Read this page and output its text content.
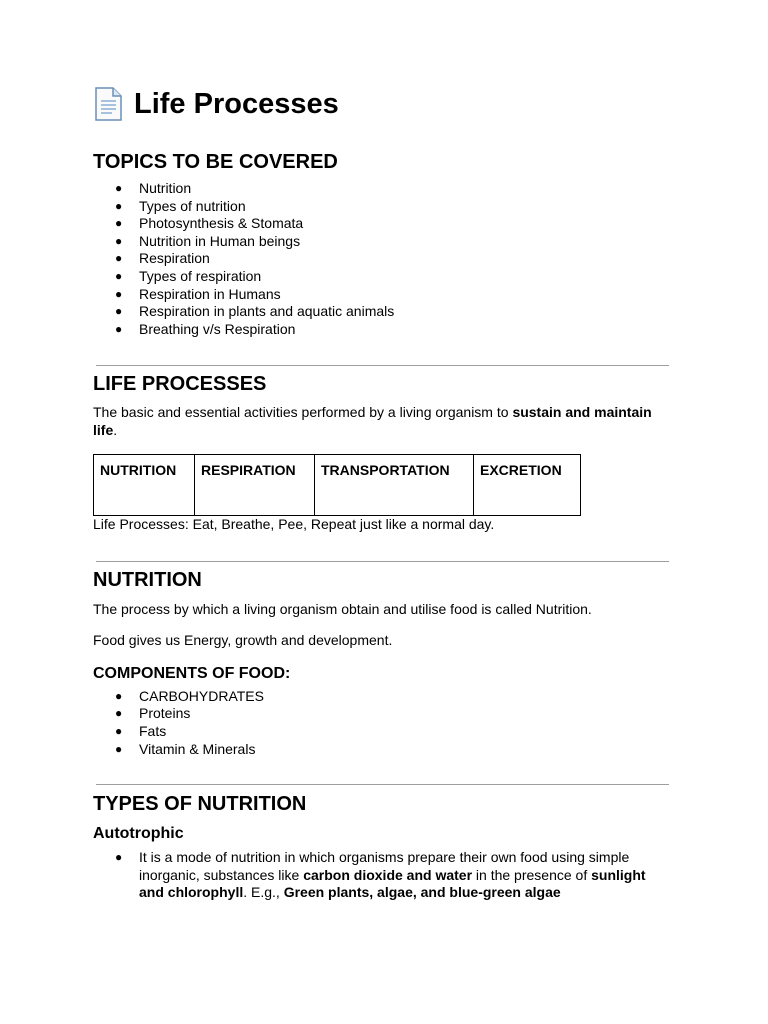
Life Processes
TOPICS TO BE COVERED
● Nutrition
● Types of nutrition
● Photosynthesis & Stomata
● Nutrition in Human beings
● Respiration
● Types of respiration
● Respiration in Humans
● Respiration in plants and aquatic animals
● Breathing v/s Respiration
LIFE PROCESSES

The basic and essential activities performed by a living organism to sustain and maintain life.

NUTRITION	RESPIRATION	TRANSPORTATION	EXCRETION

Life Processes: Eat, Breathe, Pee, Repeat just like a normal day.

NUTRITION

The process by which a living organism obtain and utilise food is called Nutrition.

Food gives us Energy, growth and development.

COMPONENTS OF FOOD:
● CARBOHYDRATES
● Proteins
● Fats
● Vitamin & Minerals
TYPES OF NUTRITION
Autotrophic
● It is a mode of nutrition in which organisms prepare their own food using simple inorganic, substances like carbon dioxide and water in the presence of sunlight and chlorophyll. E.g., Green plants, algae, and blue-green algae
